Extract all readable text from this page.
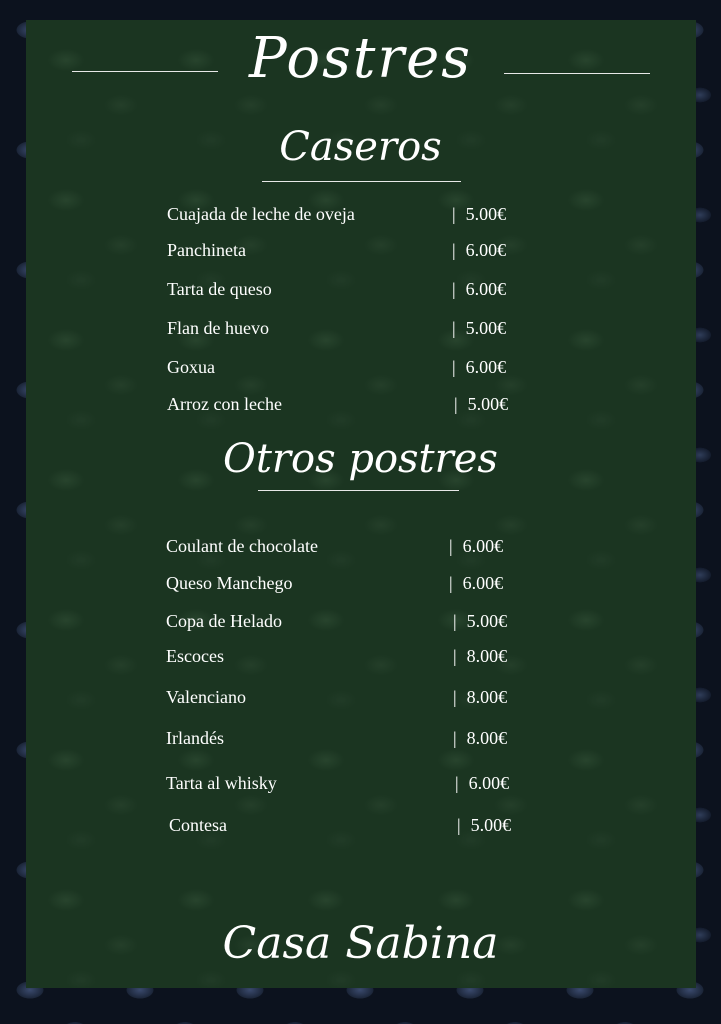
Postres
Caseros
Cuajada de leche de oveja	| 5.00€
Panchineta	| 6.00€
Tarta de queso	| 6.00€
Flan de huevo	| 5.00€
Goxua	| 6.00€
Arroz con leche	| 5.00€
Otros postres
Coulant de chocolate	| 6.00€
Queso Manchego	| 6.00€
Copa de Helado	| 5.00€
Escoces	| 8.00€
Valenciano	| 8.00€
Irlandés	| 8.00€
Tarta al whisky	| 6.00€
Contesa	| 5.00€
Casa Sabina
